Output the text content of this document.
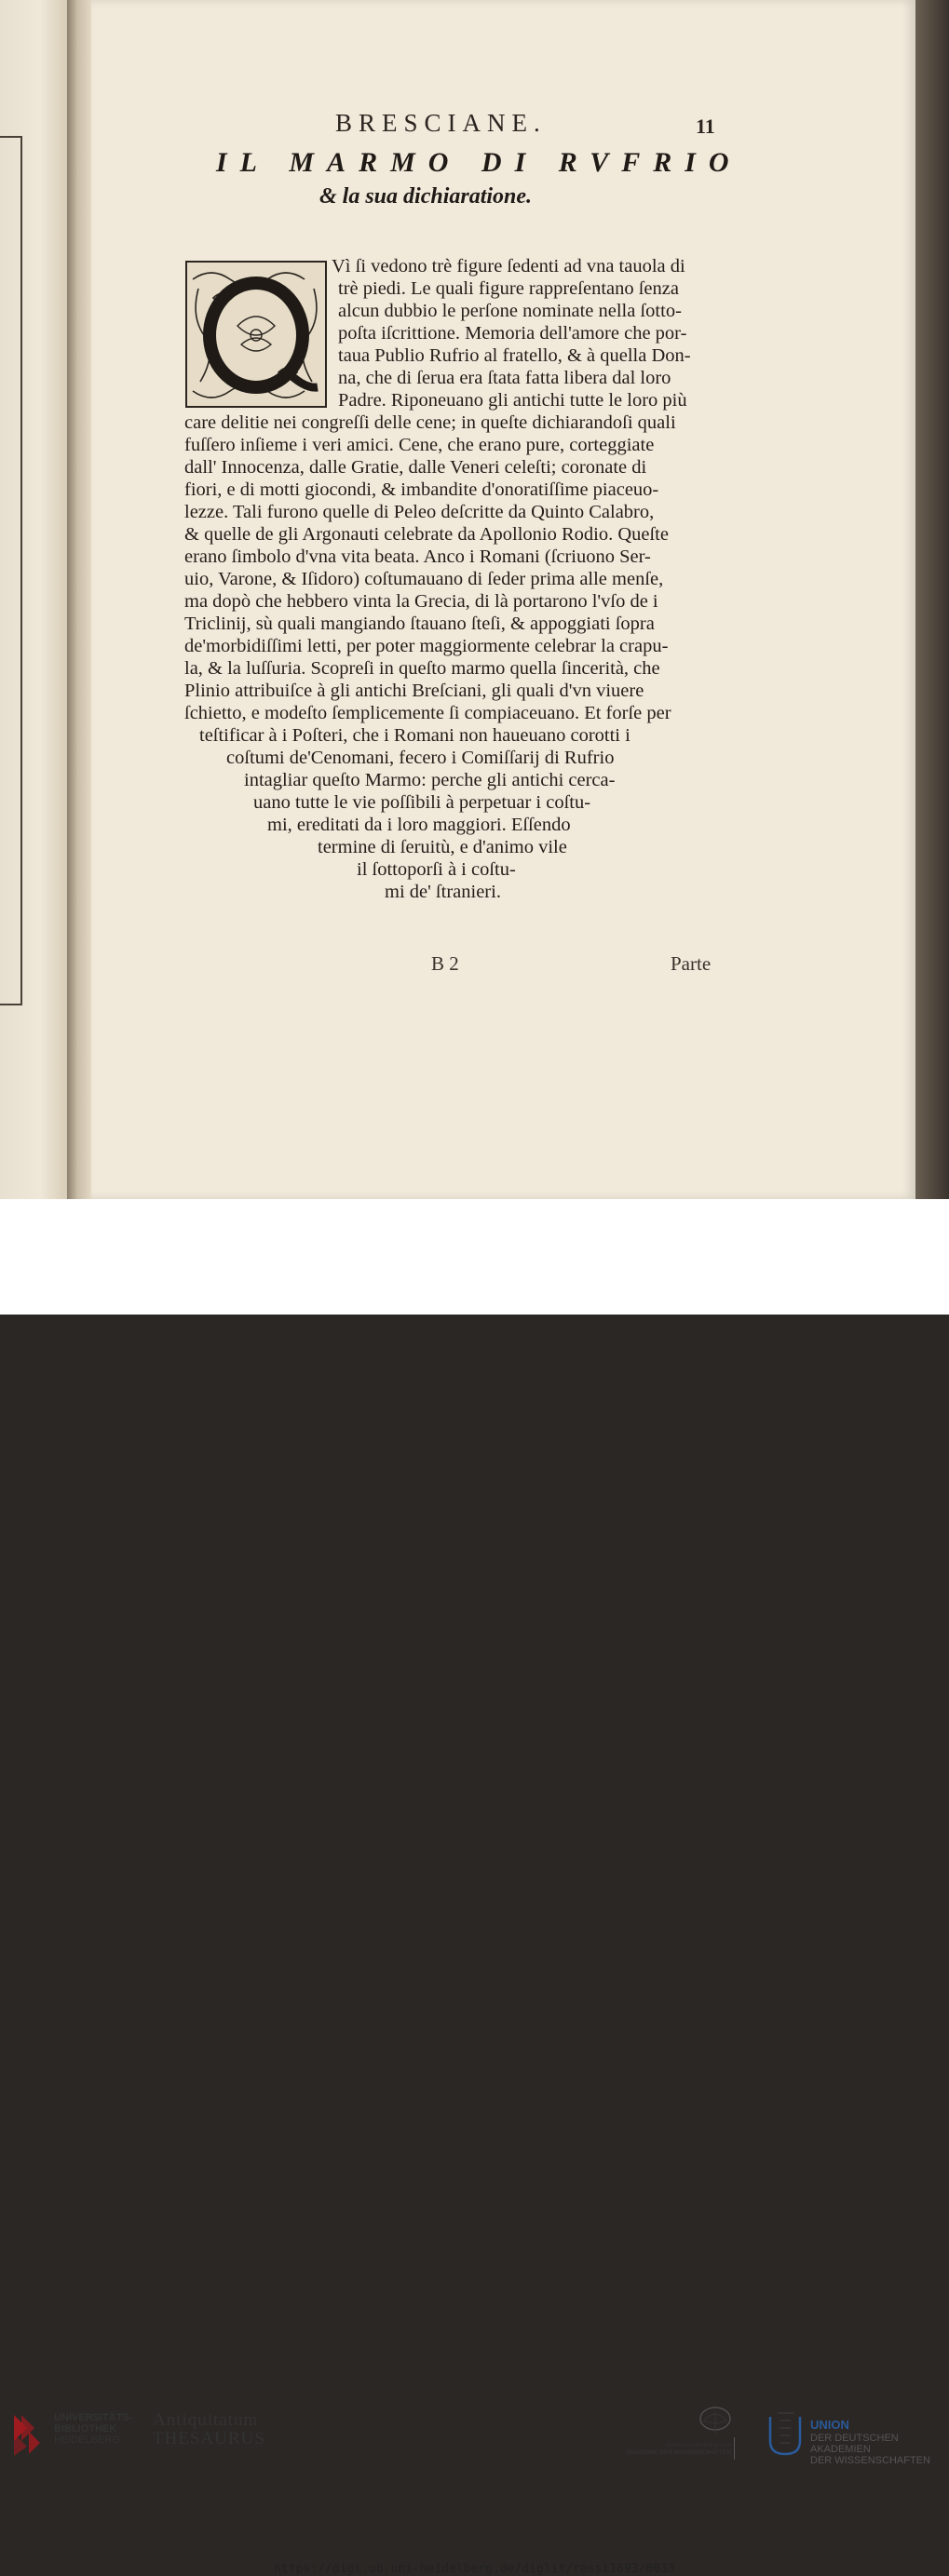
BRESCIANE.	11
IL MARMO DI RVFRIO
& la sua dichiaratione.
Vì ſi vedono trè figure ſedenti ad vna tauola di
trè piedi. Le quali figure rappreſentano ſenza
alcun dubbio le perſone nominate nella ſotto-
poſta iſcrittione. Memoria dell'amore che por-
taua Publio Rufrio al fratello, & à quella Don-
na, che di ſerua era ſtata fatta libera dal loro
Padre. Riponeuano gli antichi tutte le loro più
care delitie nei congreſſi delle cene; in queſte dichiarandoſi quali
fuſſero inſieme i veri amici. Cene, che erano pure, corteggiate
dall' Innocenza, dalle Gratie, dalle Veneri celeſti; coronate di
fiori, e di motti giocondi, & imbandite d'onoratiſſime piaceuo-
lezze. Tali furono quelle di Peleo deſcritte da Quinto Calabro,
& quelle de gli Argonauti celebrate da Apollonio Rodio. Queſte
erano ſimbolo d'vna vita beata. Anco i Romani (ſcriuono Ser-
uio, Varone, & Iſidoro) coſtumauano di ſeder prima alle menſe,
ma dopò che hebbero vinta la Grecia, di là portarono l'vſo de i
Triclinij, sù quali mangiando ſtauano ſteſi, & appoggiati ſopra
de'morbidiſſimi letti, per poter maggiormente celebrar la crapu-
la, & la luſſuria. Scopreſi in queſto marmo quella ſincerità, che
Plinio attribuiſce à gli antichi Breſciani, gli quali d'vn viuere
ſchietto, e modeſto ſemplicemente ſi compiaceuano. Et forſe per
teſtificar à i Poſteri, che i Romani non haueuano corotti i
coſtumi de'Cenomani, fecero i Comiſſarij di Rufrio
intagliar queſto Marmo: perche gli antichi cerca-
uano tutte le vie poſſibili à perpetuar i coſtu-
mi, ereditati da i loro maggiori. Eſſendo
termine di ſeruitù, e d'animo vile
il ſottoporſi à i coſtu-
mi de' ſtranieri.
B 2	Parte
UNIVERSITÄTS-
BIBLIOTHEK
HEIDELBERG
Antiquitatum
THESAURUS	berlin-brandenburgische
AKADEMIE DER WISSENSCHAFTEN
UNION
DER DEUTSCHEN AKADEMIEN
DER WISSENSCHAFTEN
https://digi.ub.uni-heidelberg.de/diglit/rossi1693/0033
